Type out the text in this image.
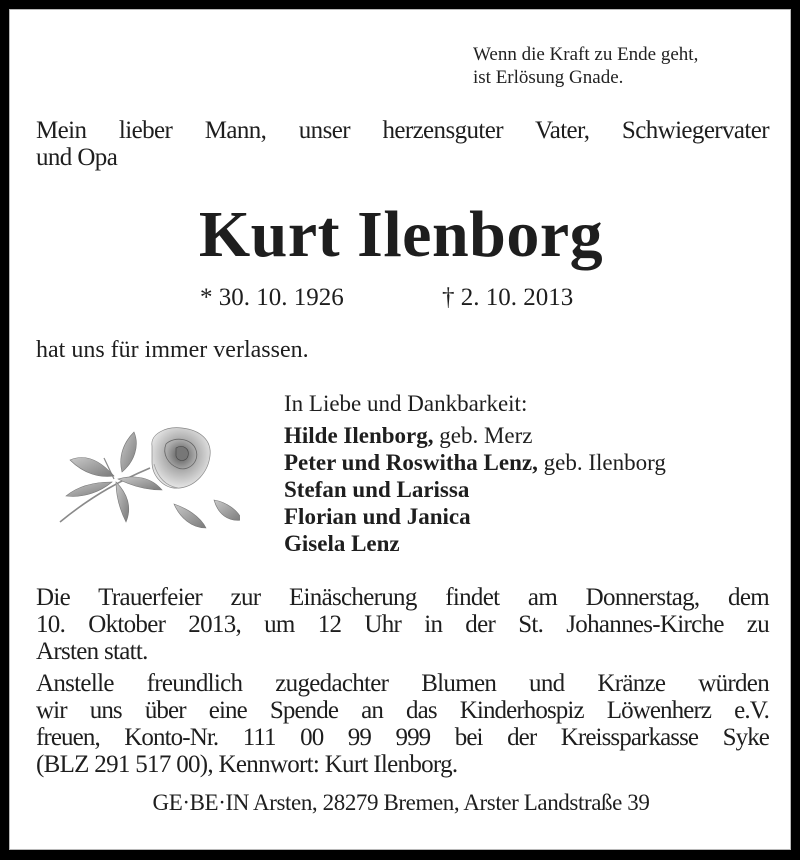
Wenn die Kraft zu Ende geht,
ist Erlösung Gnade.
Mein lieber Mann, unser herzensguter Vater, Schwiegervater
und Opa
Kurt Ilenborg
* 30. 10. 1926	† 2. 10. 2013
hat uns für immer verlassen.
In Liebe und Dankbarkeit:
Hilde Ilenborg, geb. Merz
Peter und Roswitha Lenz, geb. Ilenborg
Stefan und Larissa
Florian und Janica
Gisela Lenz
Die Trauerfeier zur Einäscherung findet am Donnerstag, dem
10. Oktober 2013, um 12 Uhr in der St. Johannes-Kirche zu
Arsten statt.
Anstelle freundlich zugedachter Blumen und Kränze würden
wir uns über eine Spende an das Kinderhospiz Löwenherz e.V.
freuen, Konto-Nr. 111 00 99 999 bei der Kreissparkasse Syke
(BLZ 291 517 00), Kennwort: Kurt Ilenborg.
GE·BE·IN Arsten, 28279 Bremen, Arster Landstraße 39
